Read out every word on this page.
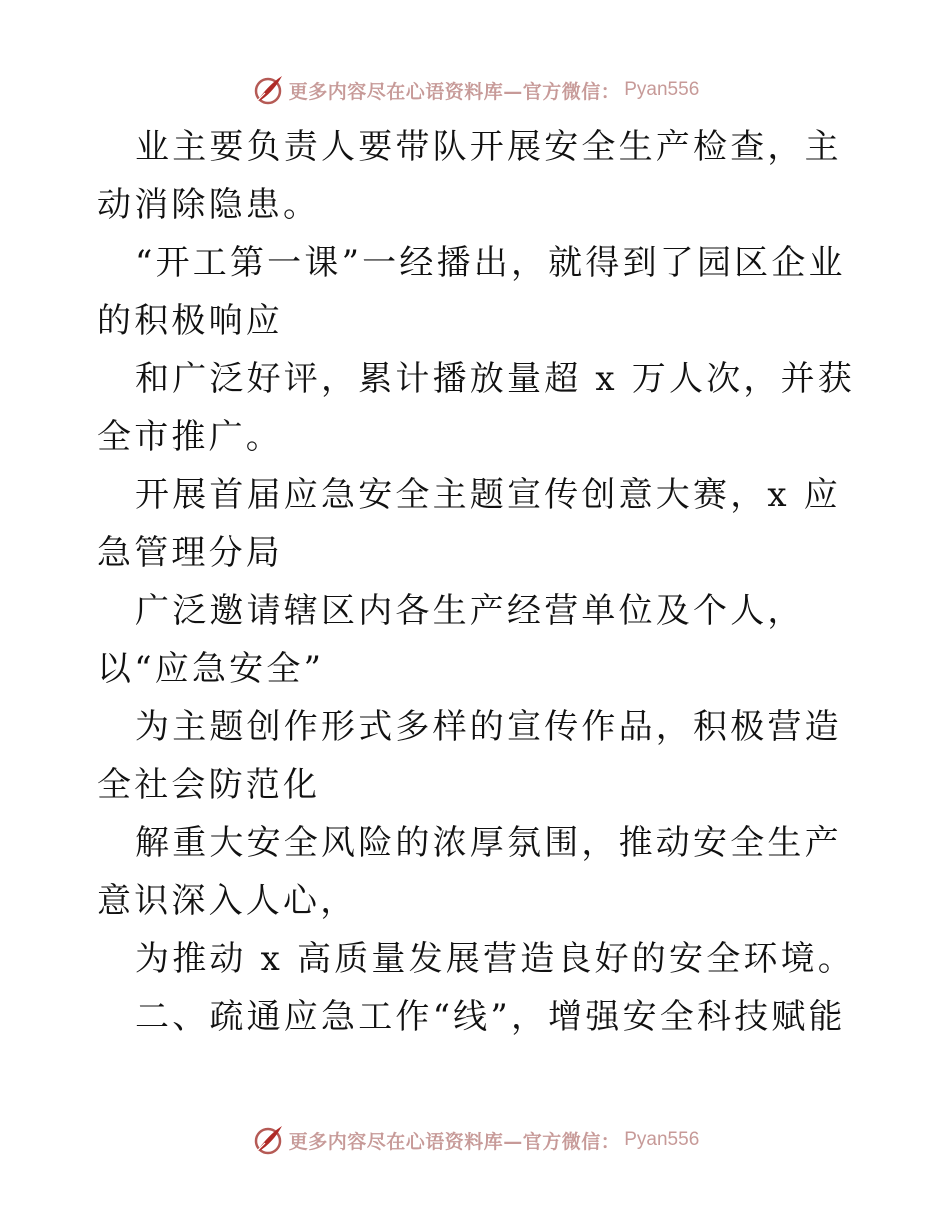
更多内容尽在心语资料库—官方微信： Pyan556

业主要负责人要带队开展安全生产检查，主动消除隐患。

“开工第一课”一经播出，就得到了园区企业的积极响应

和广泛好评，累计播放量超 x 万人次，并获全市推广。

开展首届应急安全主题宣传创意大赛，x 应急管理分局

广泛邀请辖区内各生产经营单位及个人，以“应急安全”

为主题创作形式多样的宣传作品，积极营造全社会防范化

解重大安全风险的浓厚氛围，推动安全生产意识深入人心，

为推动 x 高质量发展营造良好的安全环境。

二、疏通应急工作“线”，增强安全科技赋能

更多内容尽在心语资料库—官方微信： Pyan556
